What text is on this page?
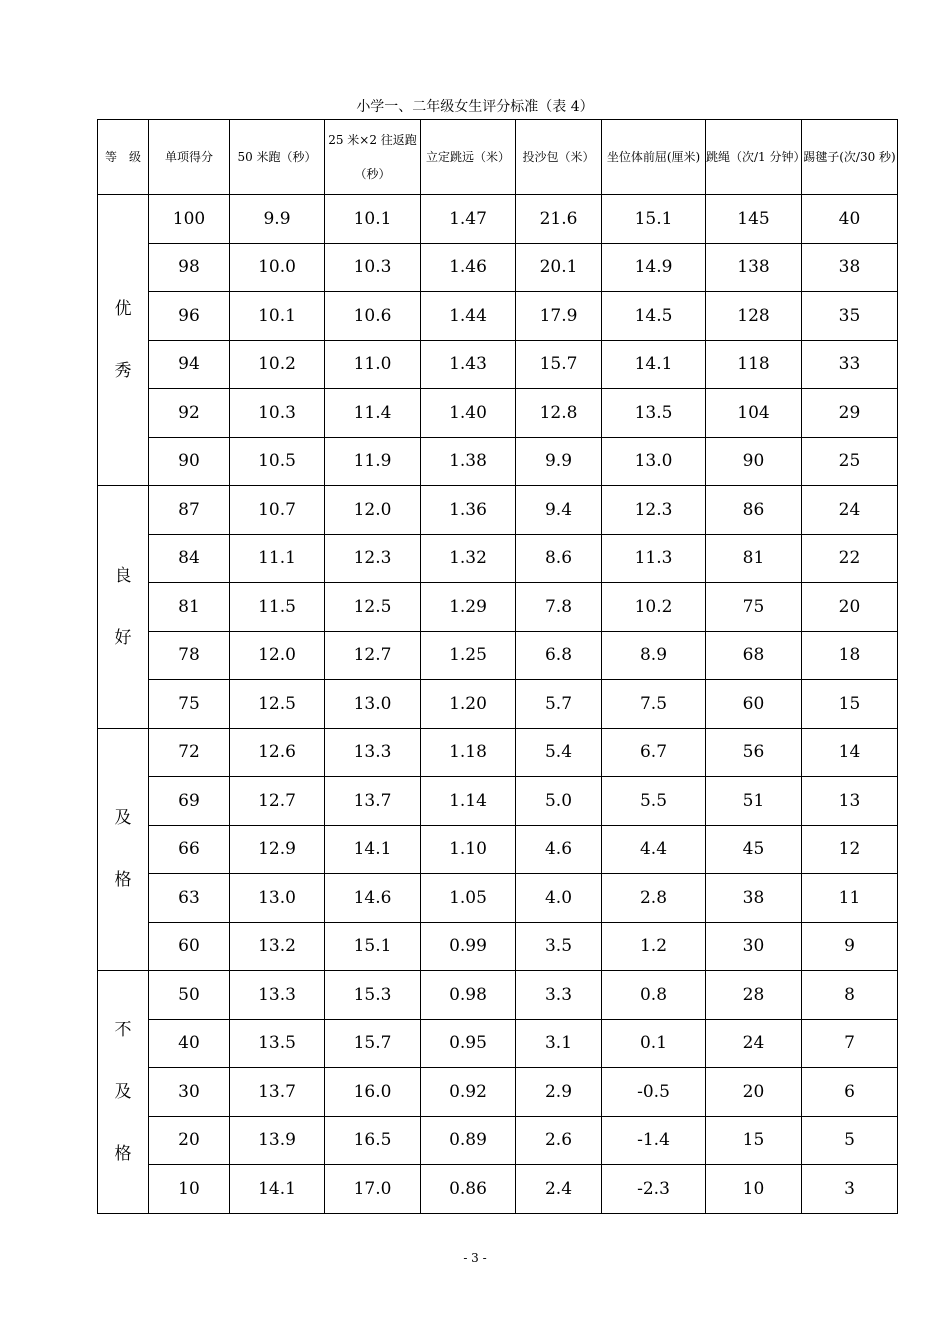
小学一、二年级女生评分标准（表 4）
等　级	单项得分	50 米跑（秒）	25 米×2 往返跑
（秒）	立定跳远（米）	投沙包（米）	坐位体前屈(厘米)	跳绳（次/1 分钟）	踢毽子(次/30 秒)
优
秀	100	9.9	10.1	1.47	21.6	15.1	145	40
	98	10.0	10.3	1.46	20.1	14.9	138	38
	96	10.1	10.6	1.44	17.9	14.5	128	35
	94	10.2	11.0	1.43	15.7	14.1	118	33
	92	10.3	11.4	1.40	12.8	13.5	104	29
	90	10.5	11.9	1.38	9.9	13.0	90	25
良
好	87	10.7	12.0	1.36	9.4	12.3	86	24
	84	11.1	12.3	1.32	8.6	11.3	81	22
	81	11.5	12.5	1.29	7.8	10.2	75	20
	78	12.0	12.7	1.25	6.8	8.9	68	18
	75	12.5	13.0	1.20	5.7	7.5	60	15
及
格	72	12.6	13.3	1.18	5.4	6.7	56	14
	69	12.7	13.7	1.14	5.0	5.5	51	13
	66	12.9	14.1	1.10	4.6	4.4	45	12
	63	13.0	14.6	1.05	4.0	2.8	38	11
	60	13.2	15.1	0.99	3.5	1.2	30	9
不
及
格	50	13.3	15.3	0.98	3.3	0.8	28	8
	40	13.5	15.7	0.95	3.1	0.1	24	7
	30	13.7	16.0	0.92	2.9	-0.5	20	6
	20	13.9	16.5	0.89	2.6	-1.4	15	5
	10	14.1	17.0	0.86	2.4	-2.3	10	3
- 3 -
